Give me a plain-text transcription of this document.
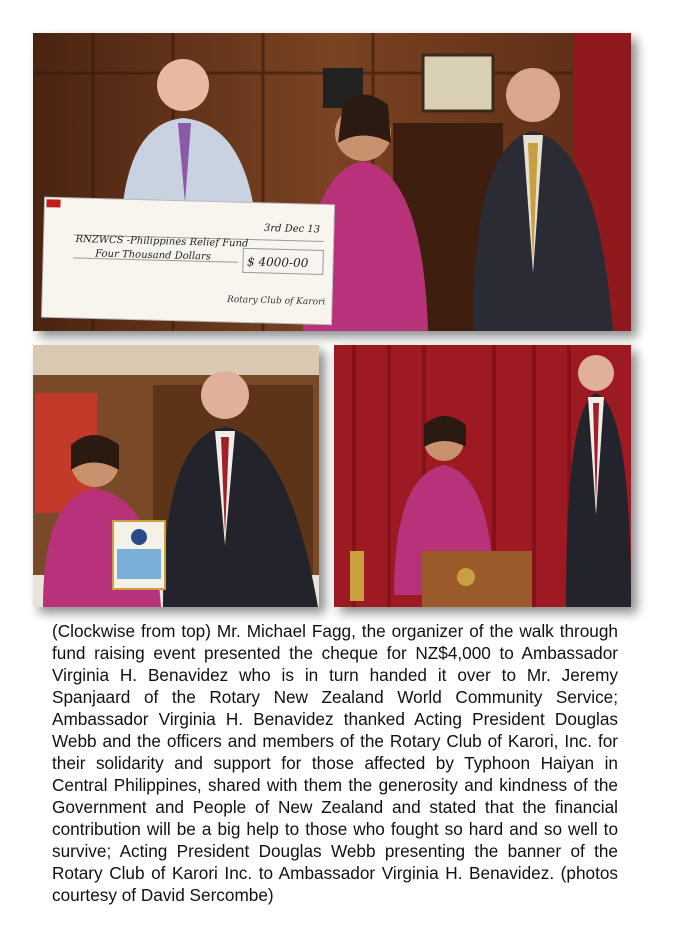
3rd Dec 13
RNZWCS -Philippines Relief Fund
Four Thousand Dollars	$ 4000-00
Rotary Club of Karori

(Clockwise from top) Mr. Michael Fagg, the organizer of the walk through fund raising event presented the cheque for NZ$4,000 to Ambassador Virginia H. Benavidez who is in turn handed it over to Mr. Jeremy Spanjaard of the Rotary New Zealand World Community Service; Ambassador Virginia H. Benavidez thanked Acting President Douglas Webb and the officers and members of the Rotary Club of Karori, Inc. for their solidarity and support for those affected by Typhoon Haiyan in Central Philippines, shared with them the generosity and kindness of the Government and People of New Zealand and stated that the financial contribution will be a big help to those who fought so hard and so well to survive; Acting President Douglas Webb presenting the banner of the Rotary Club of Karori Inc. to Ambassador Virginia H. Benavidez. (photos courtesy of David Sercombe)
